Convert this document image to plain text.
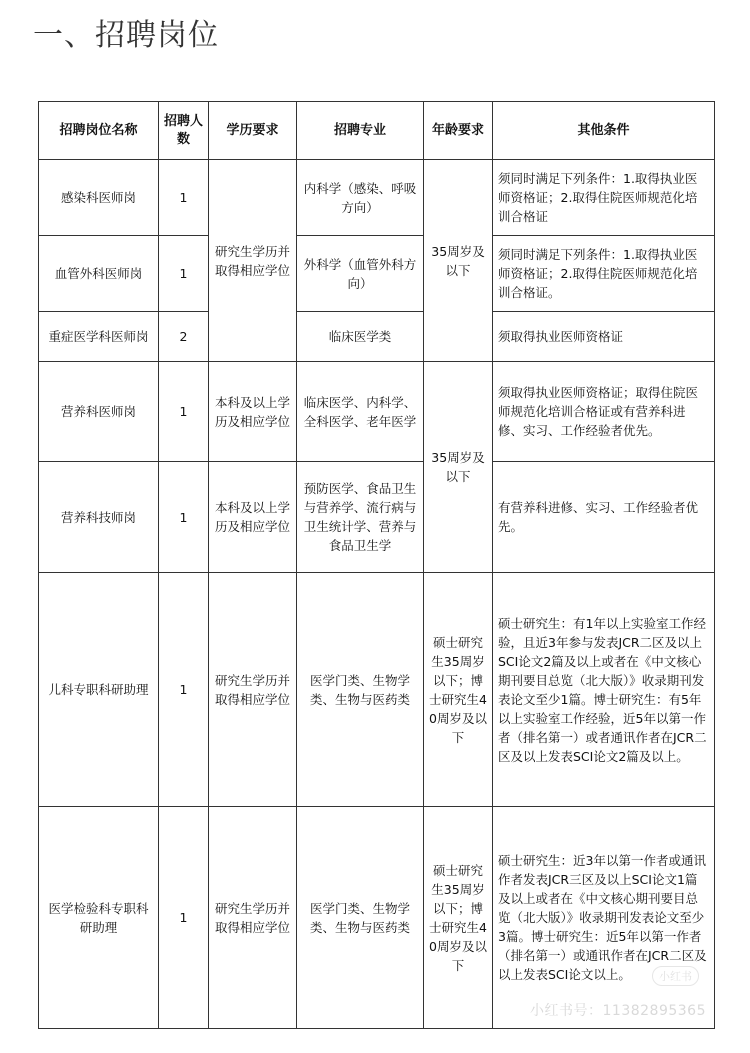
一、招聘岗位
招聘岗位名称	招聘人数	学历要求	招聘专业	年龄要求	其他条件
感染科医师岗	1	研究生学历并取得相应学位	内科学（感染、呼吸方向）	35周岁及以下	须同时满足下列条件：1.取得执业医师资格证；2.取得住院医师规范化培训合格证
血管外科医师岗	1		外科学（血管外科方向）		须同时满足下列条件：1.取得执业医师资格证；2.取得住院医师规范化培训合格证。
重症医学科医师岗	2		临床医学类		须取得执业医师资格证
营养科医师岗	1	本科及以上学历及相应学位	临床医学、内科学、全科医学、老年医学	35周岁及以下	须取得执业医师资格证；取得住院医师规范化培训合格证或有营养科进修、实习、工作经验者优先。
营养科技师岗	1	本科及以上学历及相应学位	预防医学、食品卫生与营养学、流行病与卫生统计学、营养与食品卫生学		有营养科进修、实习、工作经验者优先。
儿科专职科研助理	1	研究生学历并取得相应学位	医学门类、生物学类、生物与医药类	硕士研究生35周岁以下；博士研究生40周岁及以下	硕士研究生：有1年以上实验室工作经验，且近3年参与发表JCR二区及以上SCI论文2篇及以上或者在《中文核心期刊要目总览（北大版）》收录期刊发表论文至少1篇。博士研究生：有5年以上实验室工作经验，近5年以第一作者（排名第一）或者通讯作者在JCR二区及以上发表SCI论文2篇及以上。
医学检验科专职科研助理	1	研究生学历并取得相应学位	医学门类、生物学类、生物与医药类	硕士研究生35周岁以下；博士研究生40周岁及以下	硕士研究生：近3年以第一作者或通讯作者发表JCR三区及以上SCI论文1篇及以上或者在《中文核心期刊要目总览（北大版）》收录期刊发表论文至少3篇。博士研究生：近5年以第一作者（排名第一）或通讯作者在JCR二区及以上发表SCI论文以上。	小红书
小红书号：1138289536​5
